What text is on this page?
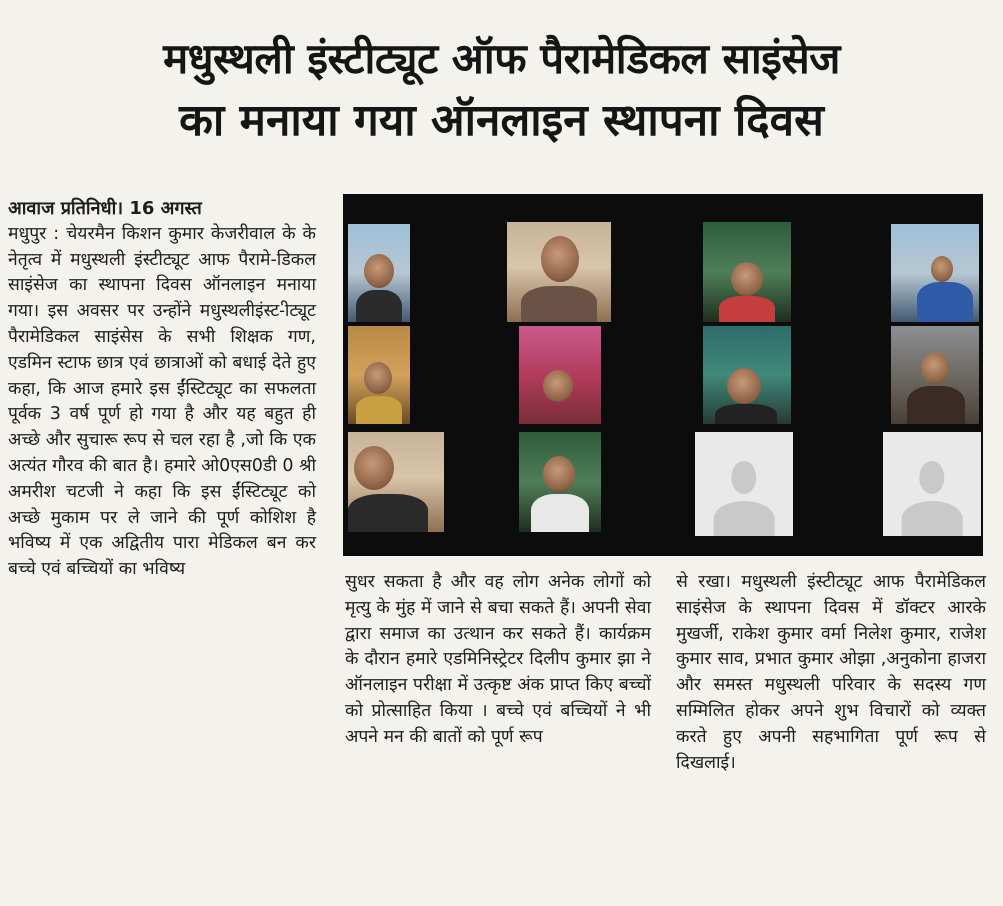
मधुस्थली इंस्टीट्यूट ऑफ पैरामेडिकल साइंसेज
का मनाया गया ऑनलाइन स्थापना दिवस
आवाज प्रतिनिधी। 16 अगस्त

मधुपुर : चेयरमैन किशन कुमार केजरीवाल के के नेतृत्व में मधुस्थली इंस्टीट्यूट आफ पैरामे-डिकल साइंसेज का स्थापना दिवस ऑनलाइन मनाया गया। इस अवसर पर उन्होंने मधुस्थलीइंस्ट-ीट्यूट पैरामेडिकल साइंसेस के सभी शिक्षक गण, एडमिन स्टाफ छात्र एवं छात्राओं को बधाई देते हुए कहा, कि आज हमारे इस ईंस्टिट्यूट का सफलता पूर्वक 3 वर्ष पूर्ण हो गया है और यह बहुत ही अच्छे और सुचारू रूप से चल रहा है ,जो कि एक अत्यंत गौरव की बात है। हमारे ओ0एस0डी 0 श्री अमरीश चटजी ने कहा कि इस ईंस्टिट्यूट को अच्छे मुकाम पर ले जाने की पूर्ण कोशिश है भविष्य में एक अद्वितीय पारा मेडिकल बन कर बच्चे एवं बच्चियों का भविष्य

सुधर सकता है और वह लोग अनेक लोगों को मृत्यु के मुंह में जाने से बचा सकते हैं। अपनी सेवा द्वारा समाज का उत्थान कर सकते हैं। कार्यक्रम के दौरान हमारे एडमिनिस्ट्रेटर दिलीप कुमार झा ने ऑनलाइन परीक्षा में उत्कृष्ट अंक प्राप्त किए बच्चों को प्रोत्साहित किया । बच्चे एवं बच्चियों ने भी अपने मन की बातों को पूर्ण रूप

से रखा। मधुस्थली इंस्टीट्यूट आफ पैरामेडिकल साइंसेज के स्थापना दिवस में डॉक्टर आरके मुखर्जी, राकेश कुमार वर्मा निलेश कुमार, राजेश कुमार साव, प्रभात कुमार ओझा ,अनुकोना हाजरा और समस्त मधुस्थली परिवार के सदस्य गण सम्मिलित होकर अपने शुभ विचारों को व्यक्त करते हुए अपनी सहभागिता पूर्ण रूप से दिखलाई।
